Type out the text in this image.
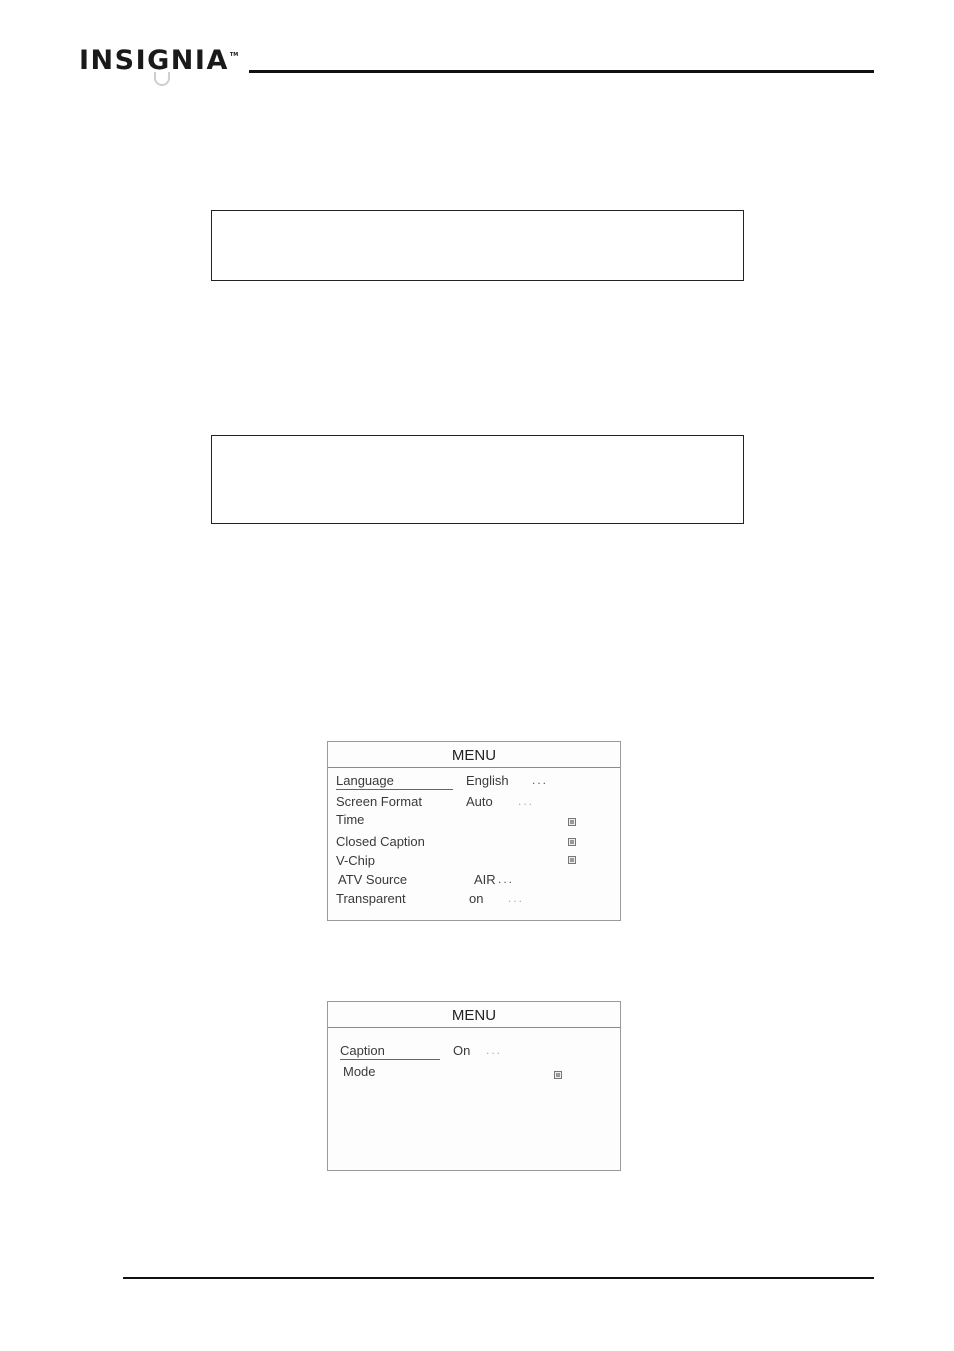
INSIGNIA TM
MENU
Language	English ...
Screen Format	Auto ...
Time
Closed Caption
V-Chip
ATV Source	AIR ...
Transparent	on ...
MENU
Caption	On ...
Mode
